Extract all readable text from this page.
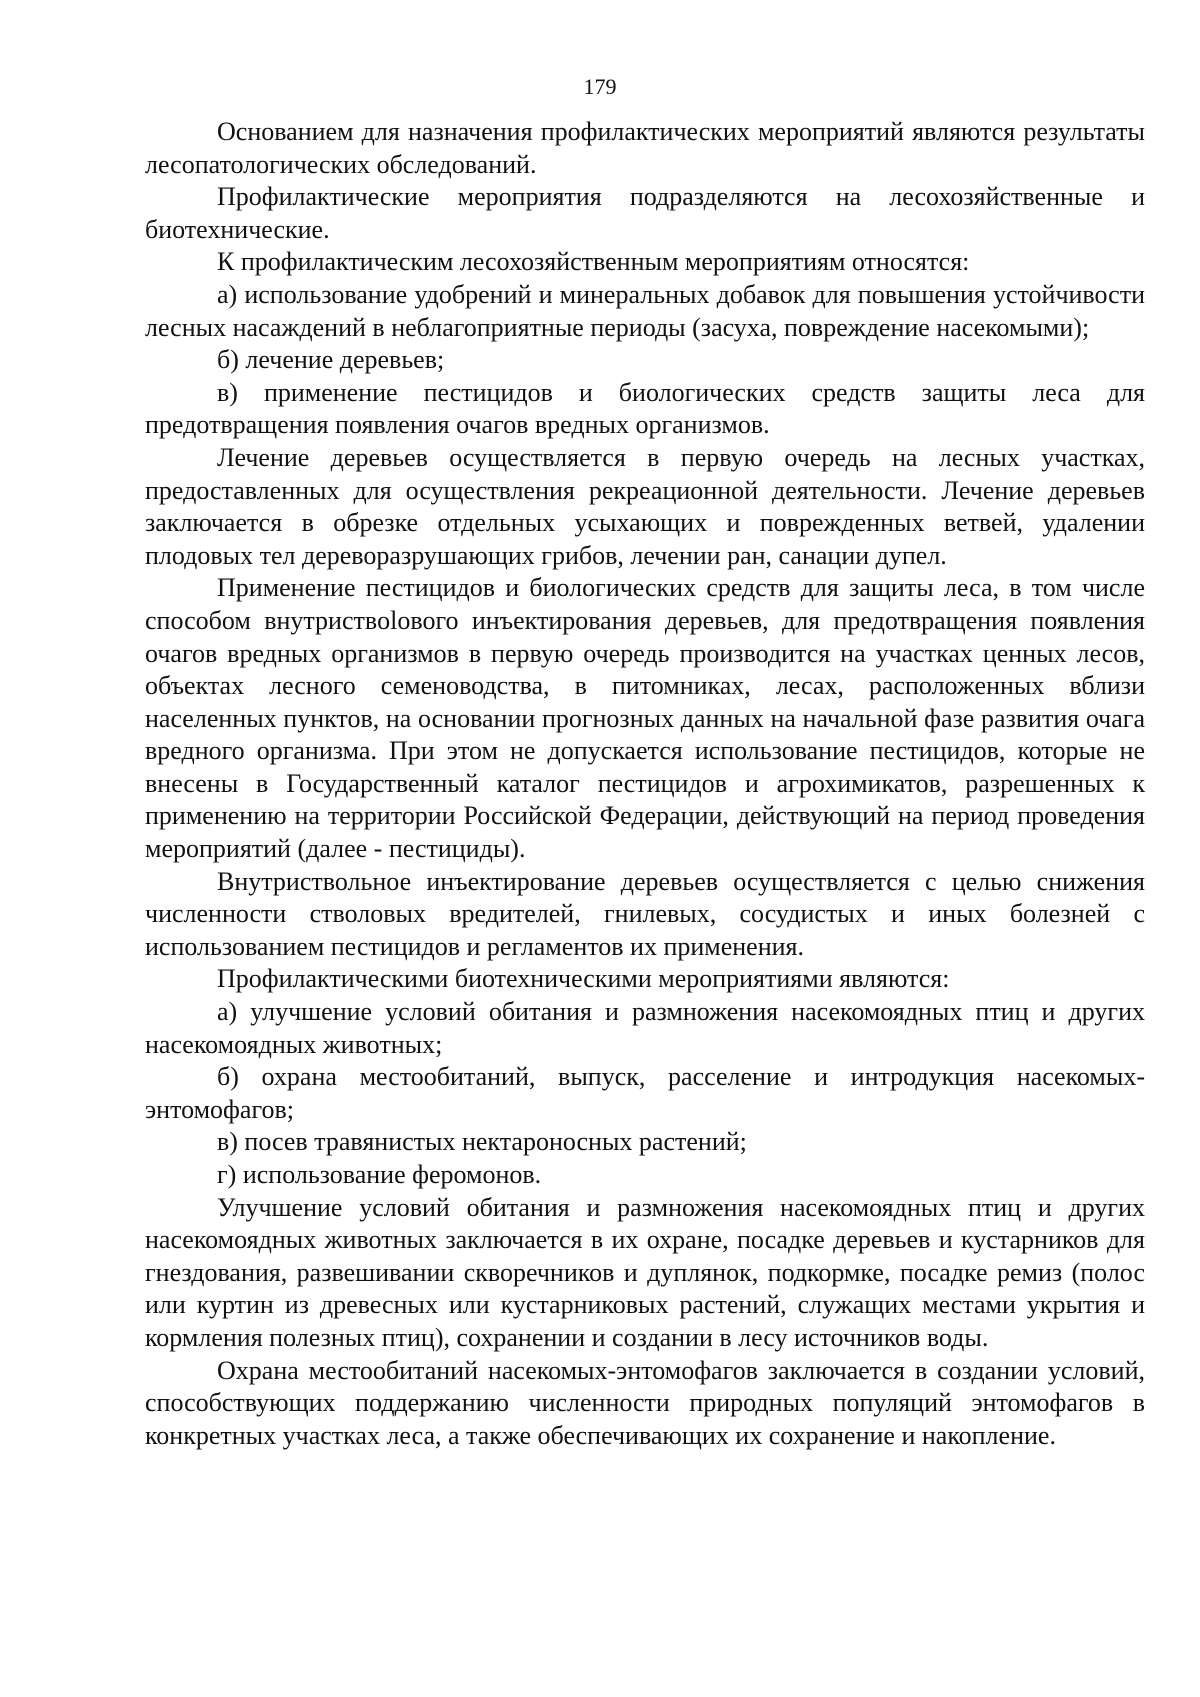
179

Основанием для назначения профилактических мероприятий являются результаты лесопатологических обследований.

Профилактические мероприятия подразделяются на лесохозяйственные и биотехнические.

К профилактическим лесохозяйственным мероприятиям относятся:

а) использование удобрений и минеральных добавок для повышения устойчивости лесных насаждений в неблагоприятные периоды (засуха, повреждение насекомыми);

б) лечение деревьев;

в) применение пестицидов и биологических средств защиты леса для предотвращения появления очагов вредных организмов.

Лечение деревьев осуществляется в первую очередь на лесных участках, предоставленных для осуществления рекреационной деятельности. Лечение деревьев заключается в обрезке отдельных усыхающих и поврежденных ветвей, удалении плодовых тел дереворазрушающих грибов, лечении ран, санации дупел.

Применение пестицидов и биологических средств для защиты леса, в том числе способом внутриствolового инъектирования деревьев, для предотвращения появления очагов вредных организмов в первую очередь производится на участках ценных лесов, объектах лесного семеноводства, в питомниках, лесах, расположенных вблизи населенных пунктов, на основании прогнозных данных на начальной фазе развития очага вредного организма. При этом не допускается использование пестицидов, которые не внесены в Государственный каталог пестицидов и агрохимикатов, разрешенных к применению на территории Российской Федерации, действующий на период проведения мероприятий (далее - пестициды).

Внутриствольное инъектирование деревьев осуществляется с целью снижения численности стволовых вредителей, гнилевых, сосудистых и иных болезней с использованием пестицидов и регламентов их применения.

Профилактическими биотехническими мероприятиями являются:

а) улучшение условий обитания и размножения насекомоядных птиц и других насекомоядных животных;

б) охрана местообитаний, выпуск, расселение и интродукция насекомых-энтомофагов;

в) посев травянистых нектароносных растений;

г) использование феромонов.

Улучшение условий обитания и размножения насекомоядных птиц и других насекомоядных животных заключается в их охране, посадке деревьев и кустарников для гнездования, развешивании скворечников и дуплянок, подкормке, посадке ремиз (полос или куртин из древесных или кустарниковых растений, служащих местами укрытия и кормления полезных птиц), сохранении и создании в лесу источников воды.

Охрана местообитаний насекомых-энтомофагов заключается в создании условий, способствующих поддержанию численности природных популяций энтомофагов в конкретных участках леса, а также обеспечивающих их сохранение и накопление.
